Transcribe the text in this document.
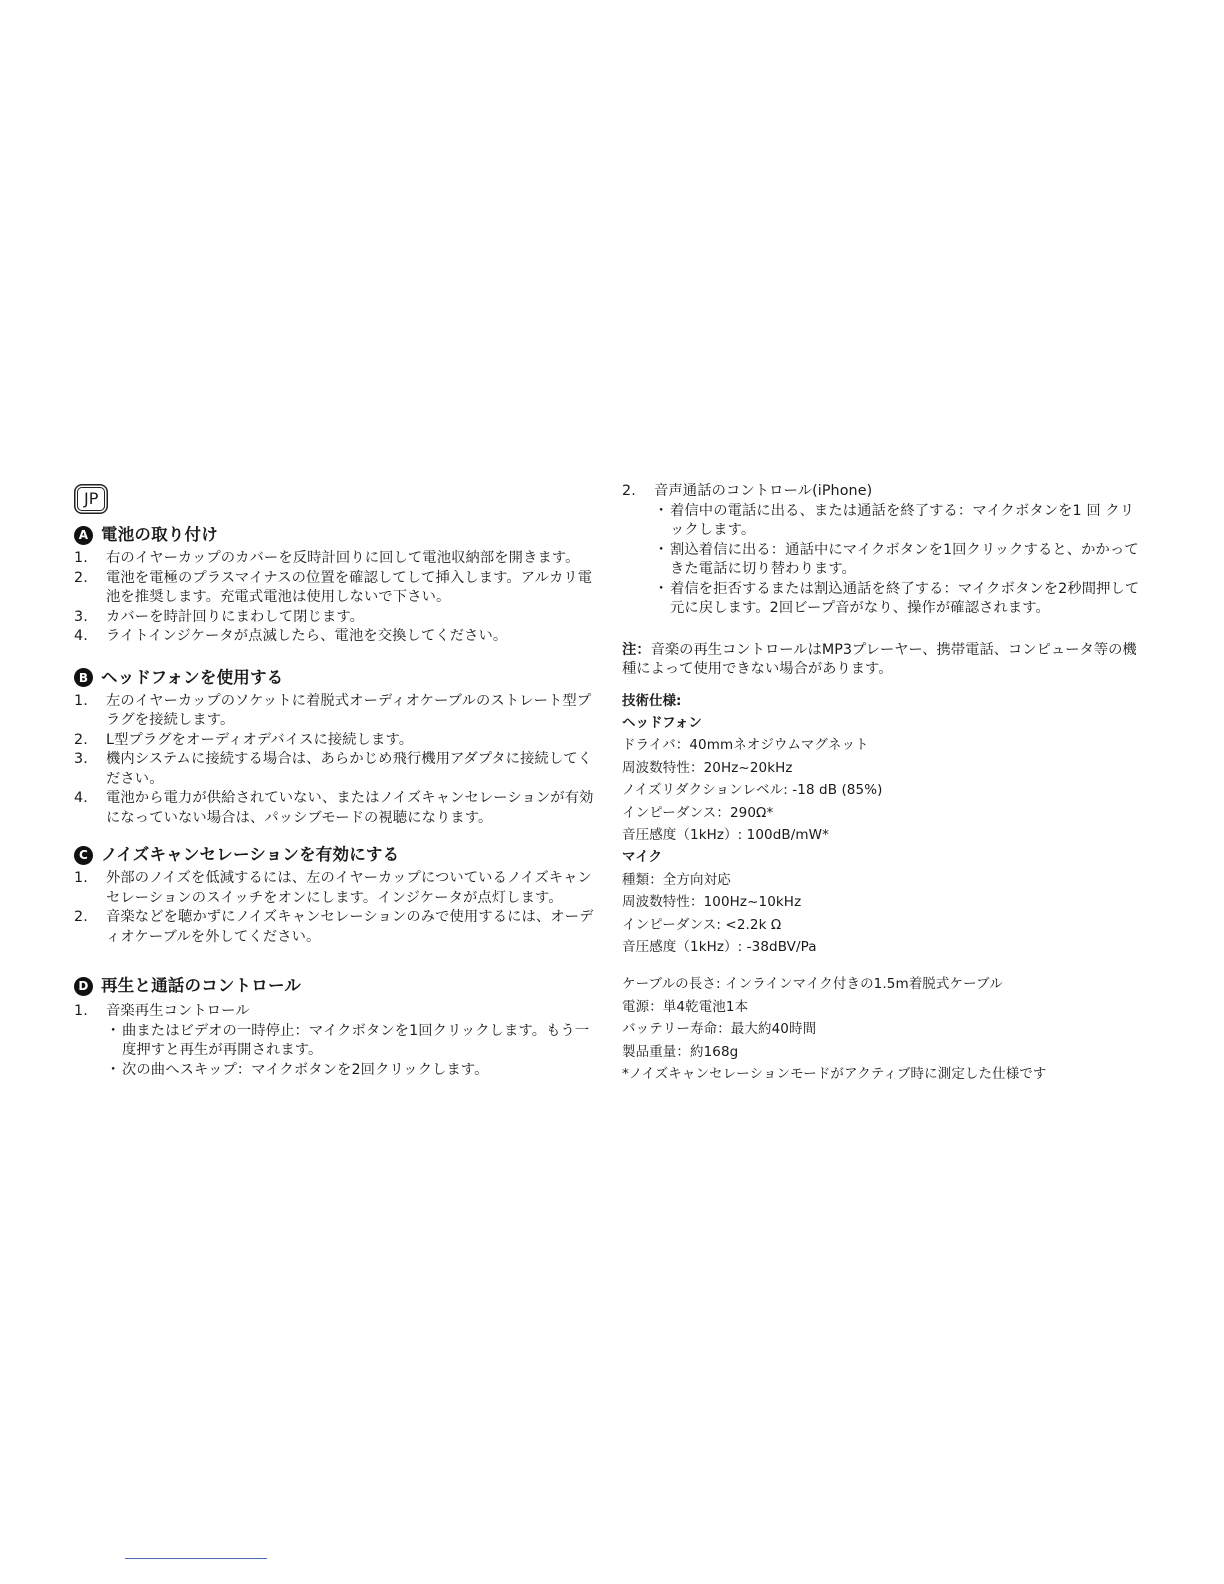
JP
A 電池の取り付け
1. 右のイヤーカップのカバーを反時計回りに回して電池収納部を開きます。
2. 電池を電極のプラスマイナスの位置を確認してして挿入します。アルカリ電池を推奨します。充電式電池は使用しないで下さい。
3. カバーを時計回りにまわして閉じます。
4. ライトインジケータが点滅したら、電池を交換してください。
B ヘッドフォンを使用する
1. 左のイヤーカップのソケットに着脱式オーディオケーブルのストレート型プラグを接続します。
2. L型プラグをオーディオデバイスに接続します。
3. 機内システムに接続する場合は、あらかじめ飛行機用アダプタに接続してください。
4. 電池から電力が供給されていない、またはノイズキャンセレーションが有効になっていない場合は、パッシブモードの視聴になります。
C ノイズキャンセレーションを有効にする
1. 外部のノイズを低減するには、左のイヤーカップについているノイズキャンセレーションのスイッチをオンにします。インジケータが点灯します。
2. 音楽などを聴かずにノイズキャンセレーションのみで使用するには、オーディオケーブルを外してください。
D 再生と通話のコントロール
1. 音楽再生コントロール
・ 曲またはビデオの一時停止：マイクボタンを1回クリックします。もう一度押すと再生が再開されます。
・ 次の曲へスキップ：マイクボタンを2回クリックします。
2. 音声通話のコントロール(iPhone)
・ 着信中の電話に出る、または通話を終了する：マイクボタンを1 回 クリックします。
・ 割込着信に出る：通話中にマイクボタンを1回クリックすると、かかってきた電話に切り替わります。
・ 着信を拒否するまたは割込通話を終了する：マイクボタンを2秒間押して元に戻します。2回ビープ音がなり、操作が確認されます。
注：音楽の再生コントロールはMP3プレーヤー、携帯電話、コンピュータ等の機種によって使用できない場合があります。
技術仕様:
ヘッドフォン
ドライバ：40mmネオジウムマグネット
周波数特性：20Hz~20kHz
ノイズリダクションレベル: -18 dB (85%)
インピーダンス：290Ω*
音圧感度（1kHz）: 100dB/mW*
マイク
種類：全方向対応
周波数特性：100Hz~10kHz
インピーダンス: <2.2k Ω
音圧感度（1kHz）: -38dBV/Pa
ケーブルの長さ: インラインマイク付きの1.5m着脱式ケーブル
電源：単4乾電池1本
バッテリー寿命：最大約40時間
製品重量：約168g
*ノイズキャンセレーションモードがアクティブ時に測定した仕様です
